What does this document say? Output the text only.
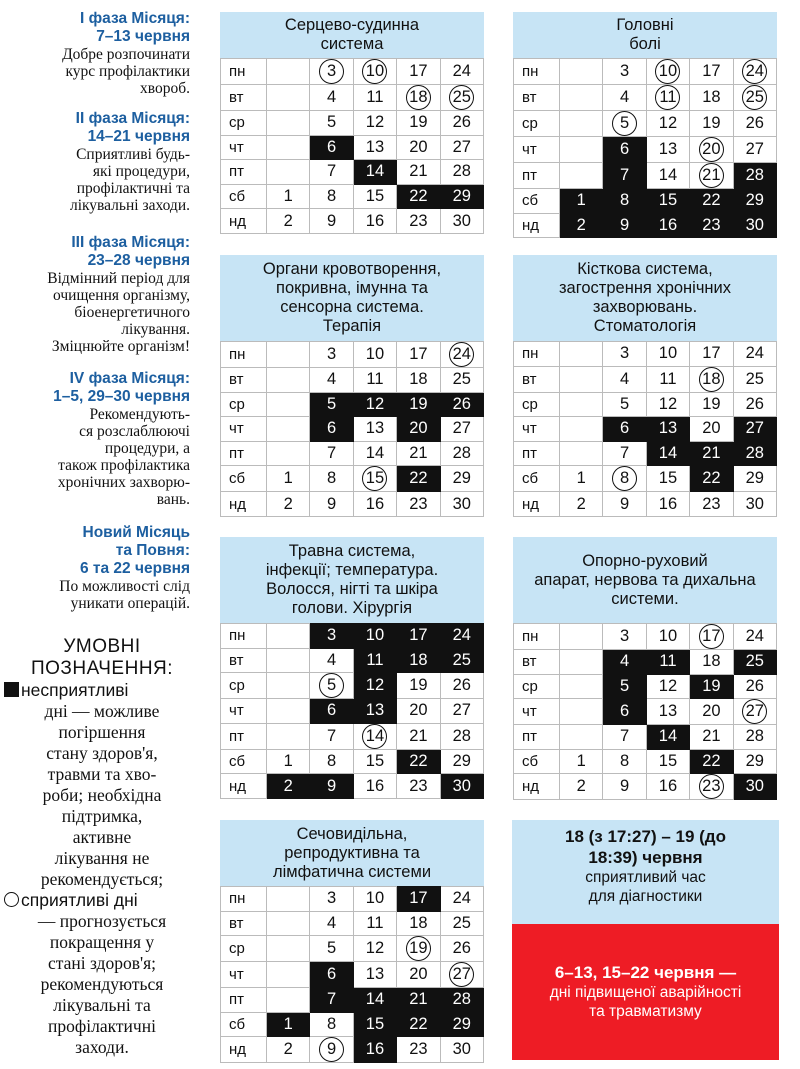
I фаза Місяця:
7–13 червня
Добре розпочинати
курс профілактики
хвороб.
II фаза Місяця:
14–21 червня
Сприятливі будь-
які процедури,
профілактичні та
лікувальні заходи.
III фаза Місяця:
23–28 червня
Відмінний період для
очищення організму,
біоенергетичного
лікування.
Зміцнюйте організм!
IV фаза Місяця:
1–5, 29–30 червня
Рекомендують-
ся розслаблюючі
процедури, а
також профілактика
хронічних захворю-
вань.
Новий Місяць
та Повня:
6 та 22 червня
По можливості слід
уникати операцій.
УМОВНІ
ПОЗНАЧЕННЯ:
несприятливі
дні — можливе
погіршення
стану здоров'я,
травми та хво-
роби; необхідна
підтримка,
активне
лікування не
рекомендується;
сприятливі дні
— прогнозується
покращення у
стані здоров'я;
рекомендуються
лікувальні та
профілактичні
заходи.
Серцево-судинна
система
пн		3	10	17	24
вт		4	11	18	25
ср		5	12	19	26
чт		6	13	20	27
пт		7	14	21	28
сб	1	8	15	22	29
нд	2	9	16	23	30
Головні
болі
пн		3	10	17	24
вт		4	11	18	25
ср		5	12	19	26
чт		6	13	20	27
пт		7	14	21	28
сб	1	8	15	22	29
нд	2	9	16	23	30
Органи кровотворення,
покривна, імунна та
сенсорна система.
Терапія
пн		3	10	17	24
вт		4	11	18	25
ср		5	12	19	26
чт		6	13	20	27
пт		7	14	21	28
сб	1	8	15	22	29
нд	2	9	16	23	30
Кісткова система,
загострення хронічних
захворювань.
Стоматологія
пн		3	10	17	24
вт		4	11	18	25
ср		5	12	19	26
чт		6	13	20	27
пт		7	14	21	28
сб	1	8	15	22	29
нд	2	9	16	23	30
Травна система,
інфекції; температура.
Волосся, нігті та шкіра
голови. Хірургія
пн		3	10	17	24
вт		4	11	18	25
ср		5	12	19	26
чт		6	13	20	27
пт		7	14	21	28
сб	1	8	15	22	29
нд	2	9	16	23	30
Опорно-руховий
апарат, нервова та дихальна
системи.
пн		3	10	17	24
вт		4	11	18	25
ср		5	12	19	26
чт		6	13	20	27
пт		7	14	21	28
сб	1	8	15	22	29
нд	2	9	16	23	30
Сечовидільна,
репродуктивна та
лімфатична системи
пн		3	10	17	24
вт		4	11	18	25
ср		5	12	19	26
чт		6	13	20	27
пт		7	14	21	28
сб	1	8	15	22	29
нд	2	9	16	23	30
18 (з 17:27) – 19 (до
18:39) червня
сприятливий час
для діагностики
6–13, 15–22 червня —
дні підвищеної аварійності
та травматизму
